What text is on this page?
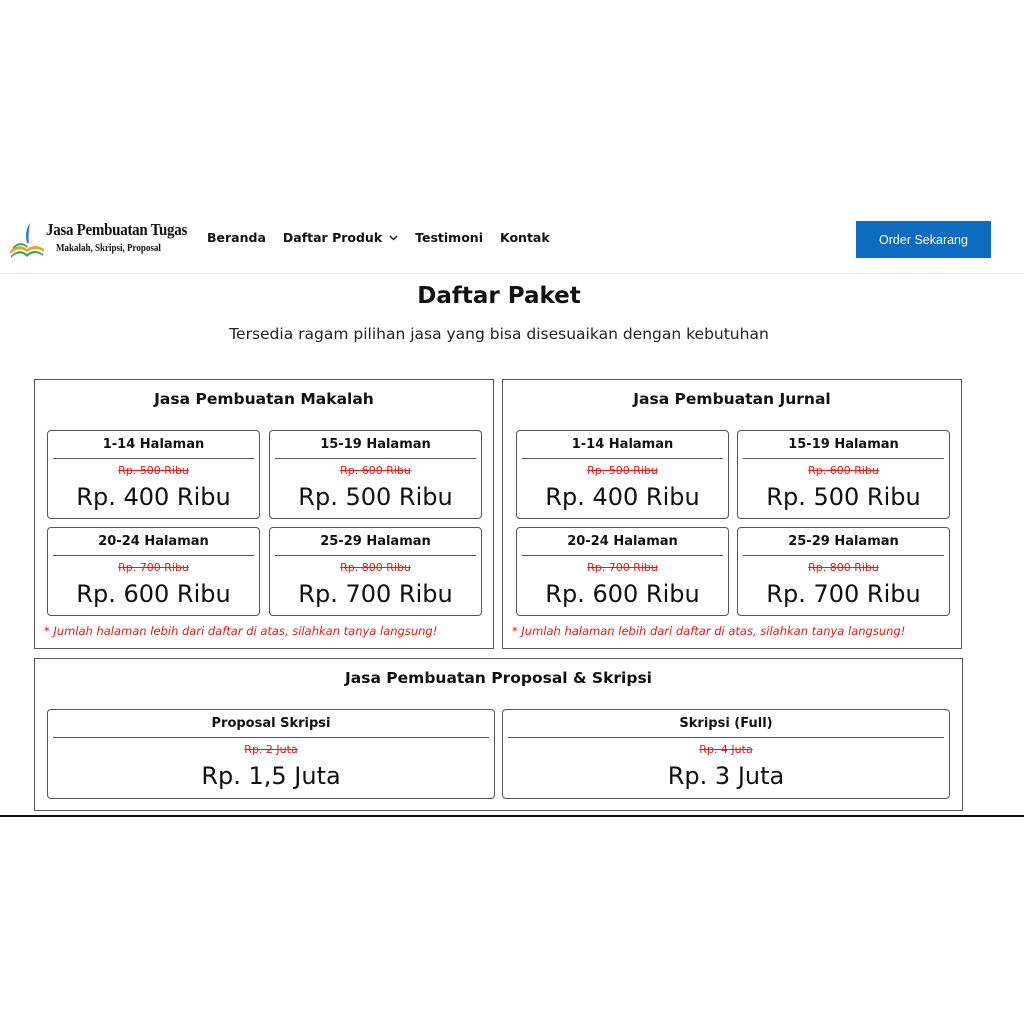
Jasa Pembuatan Tugas
Makalah, Skripsi, Proposal
Beranda Daftar Produk	Testimoni Kontak	Order Sekarang
Daftar Paket
Tersedia ragam pilihan jasa yang bisa disesuaikan dengan kebutuhan
Jasa Pembuatan Makalah
1-14 Halaman
Rp. 500 Ribu
Rp. 400 Ribu
15-19 Halaman
Rp. 600 Ribu
Rp. 500 Ribu
20-24 Halaman
Rp. 700 Ribu
Rp. 600 Ribu
25-29 Halaman
Rp. 800 Ribu
Rp. 700 Ribu
* Jumlah halaman lebih dari daftar di atas, silahkan tanya langsung!
Jasa Pembuatan Jurnal
1-14 Halaman
Rp. 500 Ribu
Rp. 400 Ribu
15-19 Halaman
Rp. 600 Ribu
Rp. 500 Ribu
20-24 Halaman
Rp. 700 Ribu
Rp. 600 Ribu
25-29 Halaman
Rp. 800 Ribu
Rp. 700 Ribu
* Jumlah halaman lebih dari daftar di atas, silahkan tanya langsung!
Jasa Pembuatan Proposal & Skripsi
Proposal Skripsi
Rp. 2 Juta
Rp. 1,5 Juta
Skripsi (Full)
Rp. 4 Juta
Rp. 3 Juta
